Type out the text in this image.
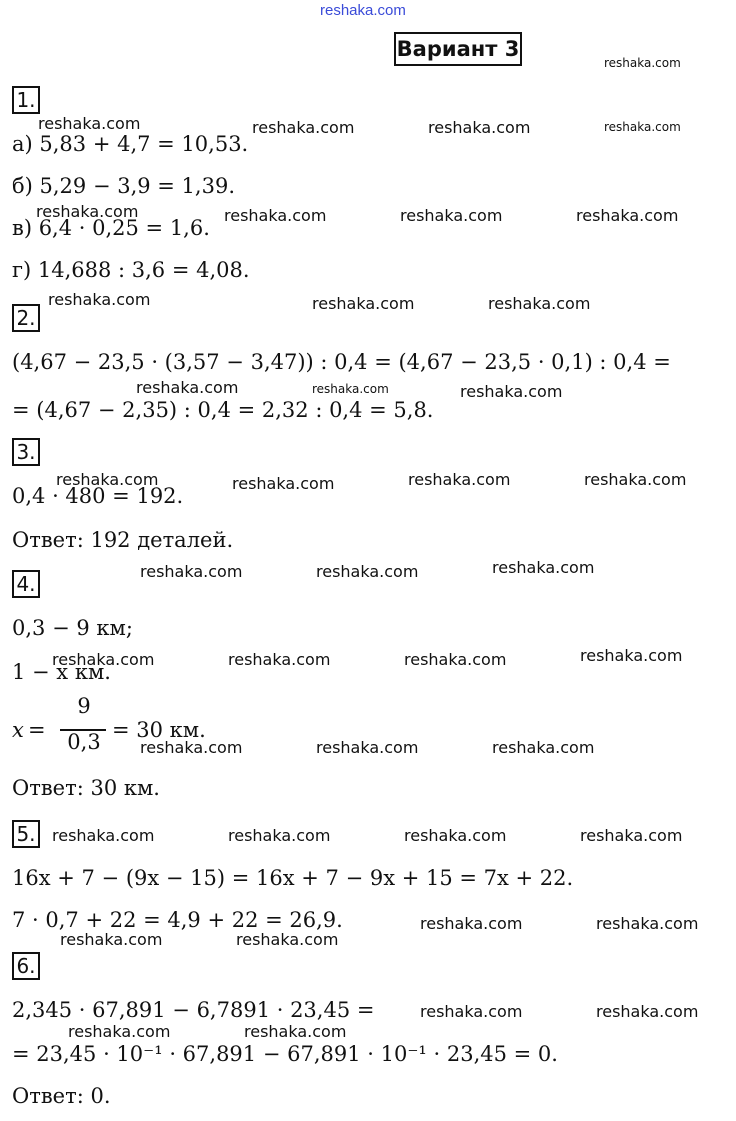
reshaka.com
Вариант 3
1.
а) 5,83 + 4,7 = 10,53.
б) 5,29 − 3,9 = 1,39.
в) 6,4 · 0,25 = 1,6.
г) 14,688 : 3,6 = 4,08.
2.
(4,67 − 23,5 · (3,57 − 3,47)) : 0,4 = (4,67 − 23,5 · 0,1) : 0,4 =
= (4,67 − 2,35) : 0,4 = 2,32 : 0,4 = 5,8.
3.
0,4 · 480 = 192.
Ответ: 192 деталей.
4.
0,3 − 9 км;
1 − x км.
x =
9
0,3 = 30 км.
Ответ: 30 км.
5.
16x + 7 − (9x − 15) = 16x + 7 − 9x + 15 = 7x + 22.
7 · 0,7 + 22 = 4,9 + 22 = 26,9.
6.
2,345 · 67,891 − 6,7891 · 23,45 =
= 23,45 · 10⁻¹ · 67,891 − 67,891 · 10⁻¹ · 23,45 = 0.
Ответ: 0.
reshaka.com
reshaka.com	reshaka.com	reshaka.com	reshaka.com
reshaka.com	reshaka.com	reshaka.com	reshaka.com
reshaka.com	reshaka.com	reshaka.com
reshaka.com	reshaka.com	reshaka.com
reshaka.com	reshaka.com	reshaka.com	reshaka.com
reshaka.com	reshaka.com	reshaka.com
reshaka.com	reshaka.com	reshaka.com	reshaka.com
reshaka.com	reshaka.com	reshaka.com
reshaka.com	reshaka.com	reshaka.com	reshaka.com
reshaka.com	reshaka.com
reshaka.com	reshaka.com
reshaka.com	reshaka.com
reshaka.com	reshaka.com
